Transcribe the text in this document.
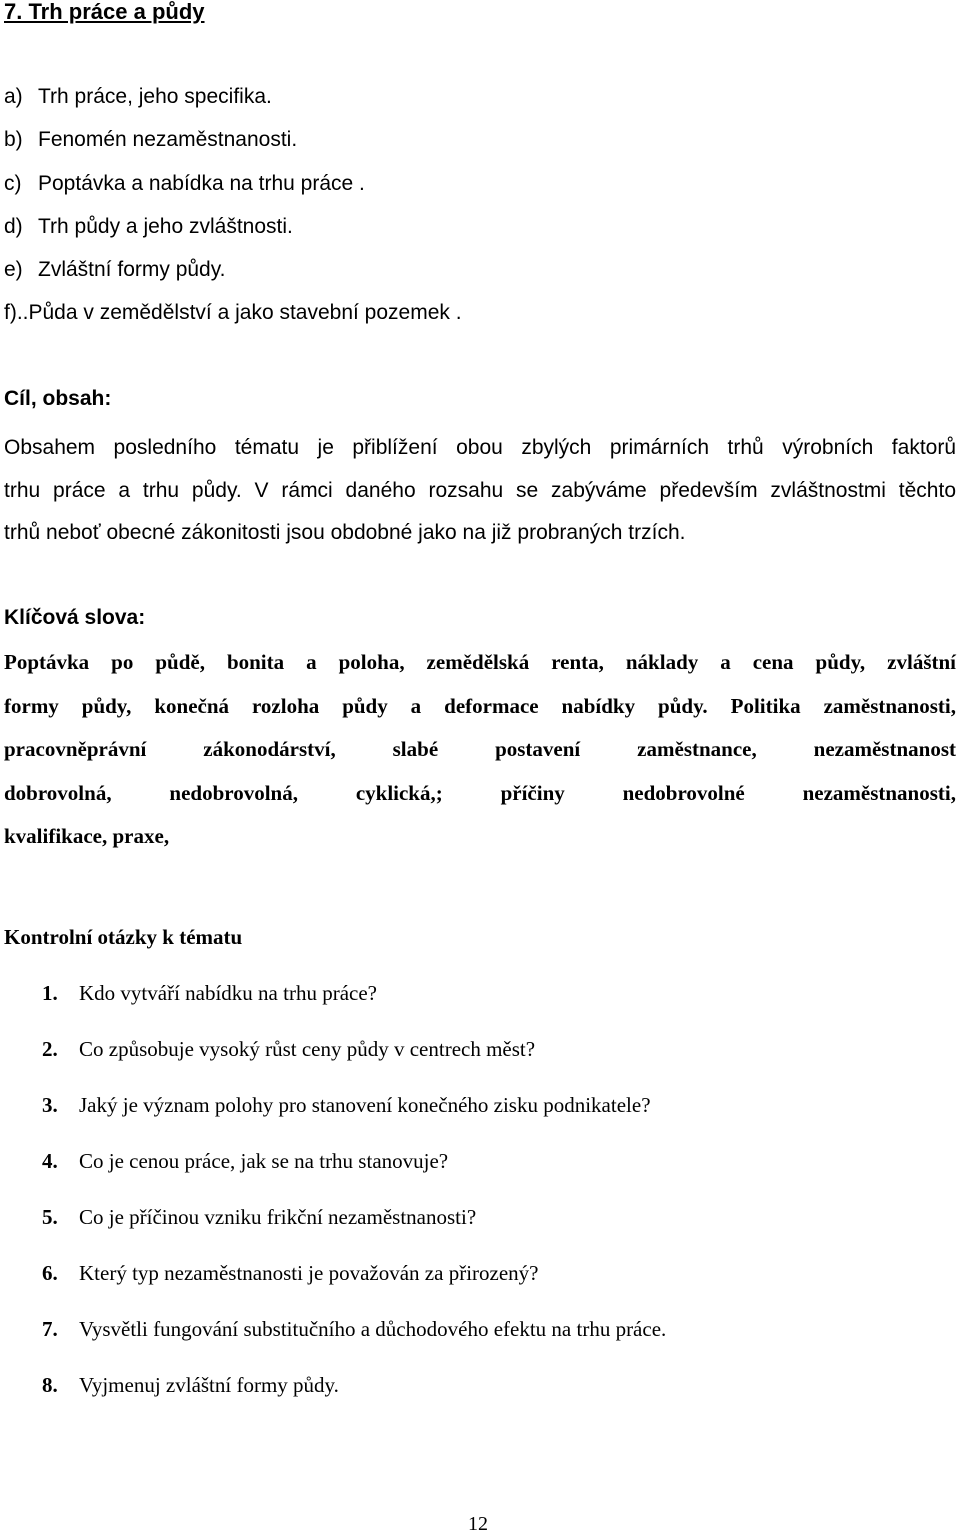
7. Trh práce a půdy
a) Trh práce, jeho specifika.
b) Fenomén nezaměstnanosti.
c) Poptávka a nabídka na trhu práce .
d) Trh půdy a jeho zvláštnosti.
e) Zvláštní formy půdy.
f)..Půda v zemědělství a jako stavební pozemek .
Cíl, obsah:
Obsahem posledního tématu je přiblížení obou zbylých primárních trhů výrobních faktorů
trhu práce a trhu půdy. V rámci daného rozsahu se zabýváme především zvláštnostmi těchto
trhů neboť obecné zákonitosti jsou obdobné jako na již probraných trzích.
Klíčová slova:
Poptávka po půdě, bonita a poloha, zemědělská renta, náklady a cena půdy, zvláštní
formy půdy, konečná rozloha půdy a deformace nabídky půdy. Politika zaměstnanosti,
pracovněprávní zákonodárství, slabé postavení zaměstnance, nezaměstnanost
dobrovolná, nedobrovolná, cyklická,; příčiny nedobrovolné nezaměstnanosti,
kvalifikace, praxe,
Kontrolní otázky k tématu
1. Kdo vytváří nabídku na trhu práce?
2. Co způsobuje vysoký růst ceny půdy v centrech měst?
3. Jaký je význam polohy pro stanovení konečného zisku podnikatele?
4. Co je cenou práce, jak se na trhu stanovuje?
5. Co je příčinou vzniku frikční nezaměstnanosti?
6. Který typ nezaměstnanosti je považován za přirozený?
7. Vysvětli fungování substitučního a důchodového efektu na trhu práce.
8. Vyjmenuj zvláštní formy půdy.
12
